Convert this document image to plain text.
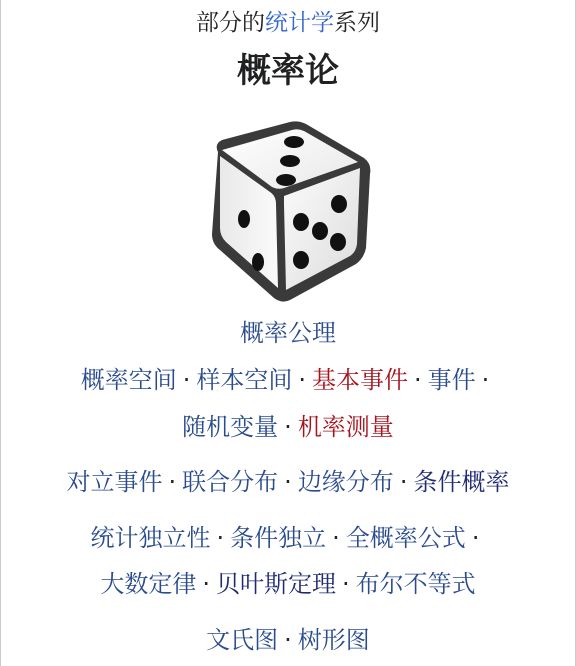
部分的统计学系列
概率论
概率公理
概率空间 · 样本空间 · 基本事件 · 事件 ·
随机变量 · 机率测量
对立事件 · 联合分布 · 边缘分布 · 条件概率
统计独立性 · 条件独立 · 全概率公式 ·
大数定律 · 贝叶斯定理 · 布尔不等式
文氏图 · 树形图
